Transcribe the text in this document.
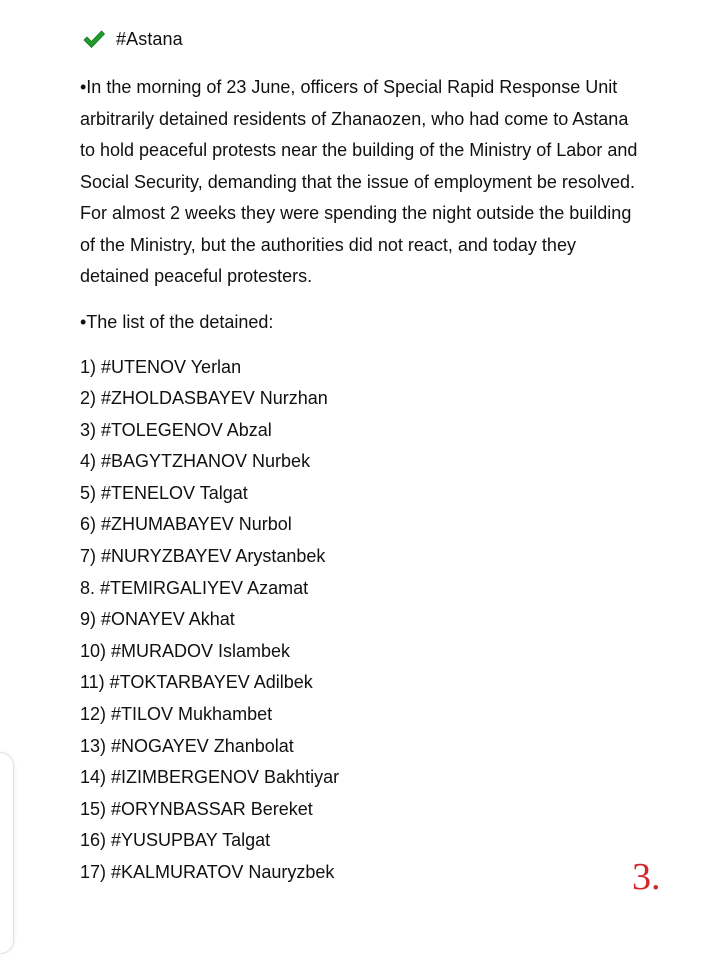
#Astana
•In the morning of 23 June, officers of Special Rapid Response Unit arbitrarily detained residents of Zhanaozen, who had come to Astana to hold peaceful protests near the building of the Ministry of Labor and Social Security, demanding that the issue of employment be resolved. For almost 2 weeks they were spending the night outside the building of the Ministry, but the authorities did not react, and today they detained peaceful protesters.
•The list of the detained:
1) #UTENOV Yerlan
2) #ZHOLDASBAYEV Nurzhan
3) #TOLEGENOV Abzal
4) #BAGYTZHANOV Nurbek
5) #TENELOV Talgat
6) #ZHUMABAYEV Nurbol
7) #NURYZBAYEV Arystanbek
8. #TEMIRGALIYEV Azamat
9) #ONAYEV Akhat
10) #MURADOV Islambek
11) #TOKTARBAYEV Adilbek
12) #TILOV Mukhambet
13) #NOGAYEV Zhanbolat
14) #IZIMBERGENOV Bakhtiyar
15) #ORYNBASSAR Bereket
16) #YUSUPBAY Talgat
17) #KALMURATOV Nauryzbek	3.
